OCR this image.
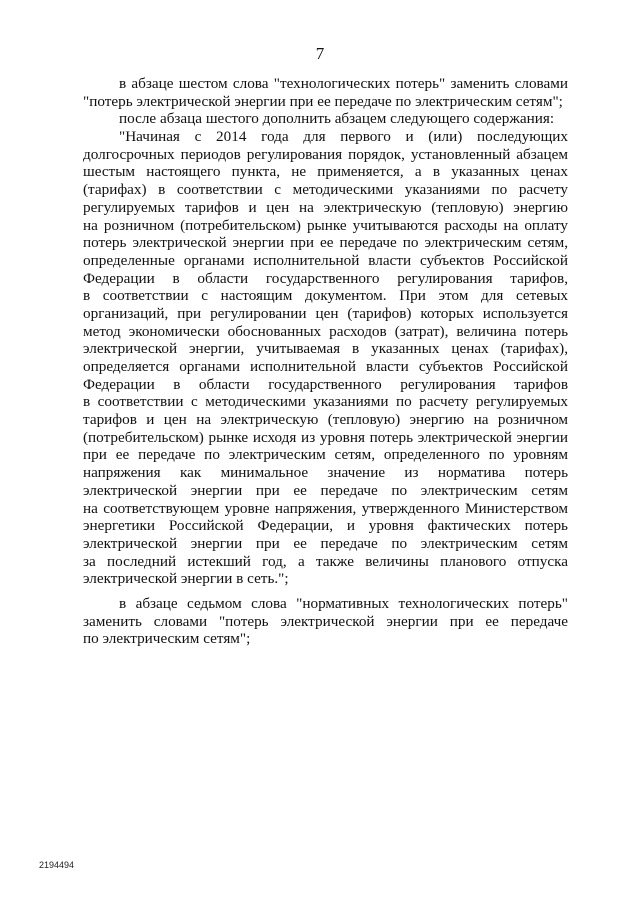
7
в абзаце шестом слова "технологических потерь" заменить словами
"потерь электрической энергии при ее передаче по электрическим сетям";
после абзаца шестого дополнить абзацем следующего содержания:
"Начиная с 2014 года для первого и (или) последующих
долгосрочных периодов регулирования порядок, установленный абзацем
шестым настоящего пункта, не применяется, а в указанных ценах
(тарифах) в соответствии с методическими указаниями по расчету
регулируемых тарифов и цен на электрическую (тепловую) энергию
на розничном (потребительском) рынке учитываются расходы на оплату
потерь электрической энергии при ее передаче по электрическим сетям,
определенные органами исполнительной власти субъектов Российской
Федерации в области государственного регулирования тарифов,
в соответствии с настоящим документом. При этом для сетевых
организаций, при регулировании цен (тарифов) которых используется
метод экономически обоснованных расходов (затрат), величина потерь
электрической энергии, учитываемая в указанных ценах (тарифах),
определяется органами исполнительной власти субъектов Российской
Федерации в области государственного регулирования тарифов
в соответствии с методическими указаниями по расчету регулируемых
тарифов и цен на электрическую (тепловую) энергию на розничном
(потребительском) рынке исходя из уровня потерь электрической энергии
при ее передаче по электрическим сетям, определенного по уровням
напряжения как минимальное значение из норматива потерь
электрической энергии при ее передаче по электрическим сетям
на соответствующем уровне напряжения, утвержденного Министерством
энергетики Российской Федерации, и уровня фактических потерь
электрической энергии при ее передаче по электрическим сетям
за последний истекший год, а также величины планового отпуска
электрической энергии в сеть.";
в абзаце седьмом слова "нормативных технологических потерь"
заменить словами "потерь электрической энергии при ее передаче
по электрическим сетям";
2194494
